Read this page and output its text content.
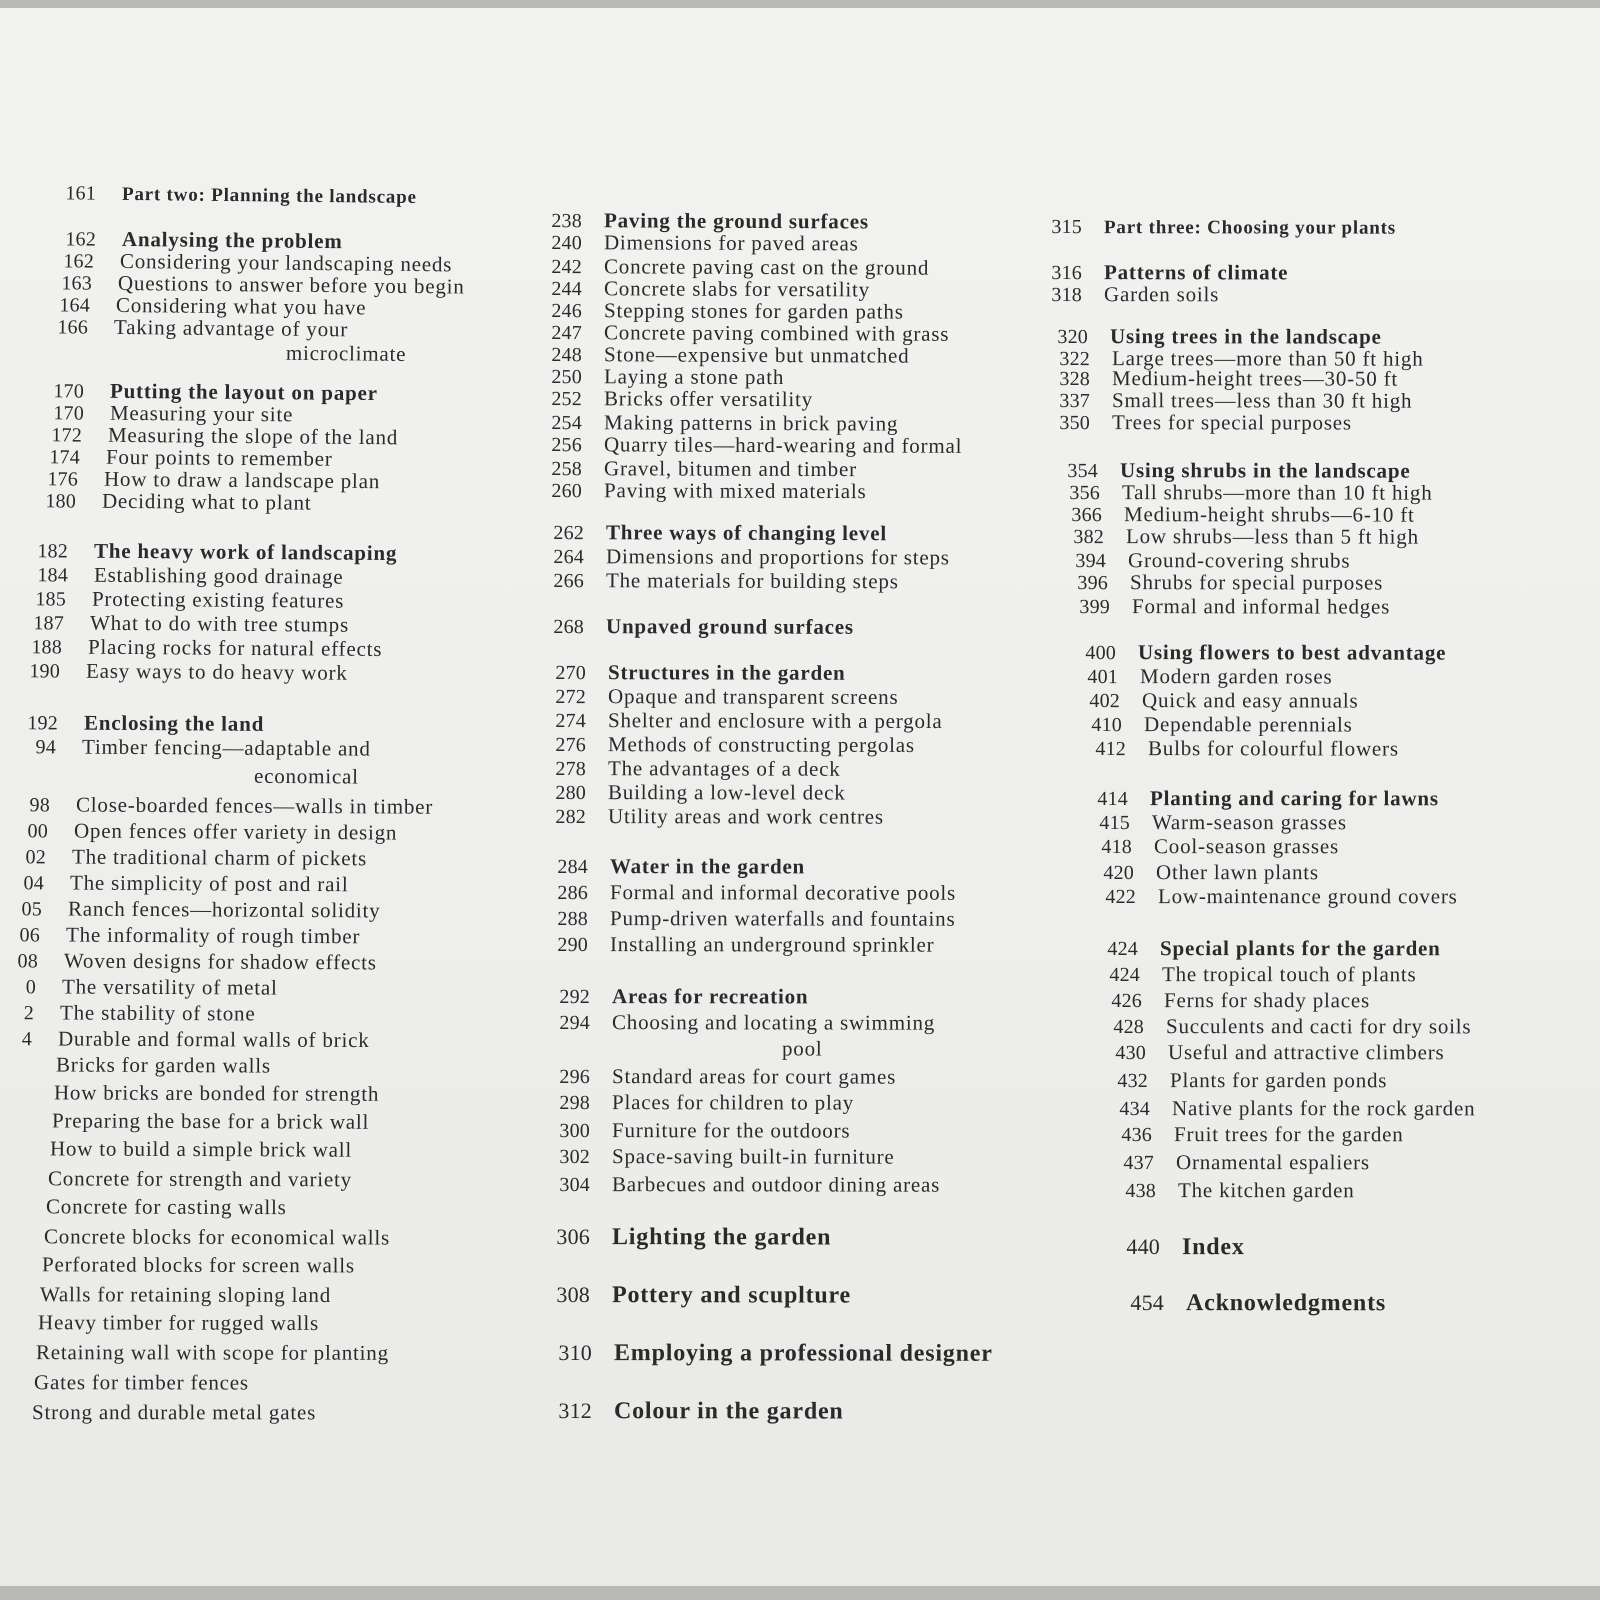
161 Part two: Planning the landscape
162 Analysing the problem
162 Considering your landscaping needs
163 Questions to answer before you begin
164 Considering what you have
166 Taking advantage of your
microclimate
170 Putting the layout on paper
170 Measuring your site
172 Measuring the slope of the land
174 Four points to remember
176 How to draw a landscape plan
180 Deciding what to plant
182 The heavy work of landscaping
184 Establishing good drainage
185 Protecting existing features
187 What to do with tree stumps
188 Placing rocks for natural effects
190 Easy ways to do heavy work
192 Enclosing the land
94 Timber fencing—adaptable and
economical
98 Close-boarded fences—walls in timber
00 Open fences offer variety in design
02 The traditional charm of pickets
04 The simplicity of post and rail
05 Ranch fences—horizontal solidity
06 The informality of rough timber
08 Woven designs for shadow effects
0 The versatility of metal
2 The stability of stone
4 Durable and formal walls of brick
Bricks for garden walls
How bricks are bonded for strength
Preparing the base for a brick wall
How to build a simple brick wall
Concrete for strength and variety
Concrete for casting walls
Concrete blocks for economical walls
Perforated blocks for screen walls
Walls for retaining sloping land
Heavy timber for rugged walls
Retaining wall with scope for planting
Gates for timber fences
Strong and durable metal gates
238 Paving the ground surfaces
240 Dimensions for paved areas
242 Concrete paving cast on the ground
244 Concrete slabs for versatility
246 Stepping stones for garden paths
247 Concrete paving combined with grass
248 Stone—expensive but unmatched
250 Laying a stone path
252 Bricks offer versatility
254 Making patterns in brick paving
256 Quarry tiles—hard-wearing and formal
258 Gravel, bitumen and timber
260 Paving with mixed materials
262 Three ways of changing level
264 Dimensions and proportions for steps
266 The materials for building steps
268 Unpaved ground surfaces
270 Structures in the garden
272 Opaque and transparent screens
274 Shelter and enclosure with a pergola
276 Methods of constructing pergolas
278 The advantages of a deck
280 Building a low-level deck
282 Utility areas and work centres
284 Water in the garden
286 Formal and informal decorative pools
288 Pump-driven waterfalls and fountains
290 Installing an underground sprinkler
292 Areas for recreation
294 Choosing and locating a swimming
pool
296 Standard areas for court games
298 Places for children to play
300 Furniture for the outdoors
302 Space-saving built-in furniture
304 Barbecues and outdoor dining areas
306 Lighting the garden
308 Pottery and scuplture
310 Employing a professional designer
312 Colour in the garden
315 Part three: Choosing your plants
316 Patterns of climate
318 Garden soils
320 Using trees in the landscape
322 Large trees—more than 50 ft high
328 Medium-height trees—30-50 ft
337 Small trees—less than 30 ft high
350 Trees for special purposes
354 Using shrubs in the landscape
356 Tall shrubs—more than 10 ft high
366 Medium-height shrubs—6-10 ft
382 Low shrubs—less than 5 ft high
394 Ground-covering shrubs
396 Shrubs for special purposes
399 Formal and informal hedges
400 Using flowers to best advantage
401 Modern garden roses
402 Quick and easy annuals
410 Dependable perennials
412 Bulbs for colourful flowers
414 Planting and caring for lawns
415 Warm-season grasses
418 Cool-season grasses
420 Other lawn plants
422 Low-maintenance ground covers
424 Special plants for the garden
424 The tropical touch of plants
426 Ferns for shady places
428 Succulents and cacti for dry soils
430 Useful and attractive climbers
432 Plants for garden ponds
434 Native plants for the rock garden
436 Fruit trees for the garden
437 Ornamental espaliers
438 The kitchen garden
440 Index
454 Acknowledgments
